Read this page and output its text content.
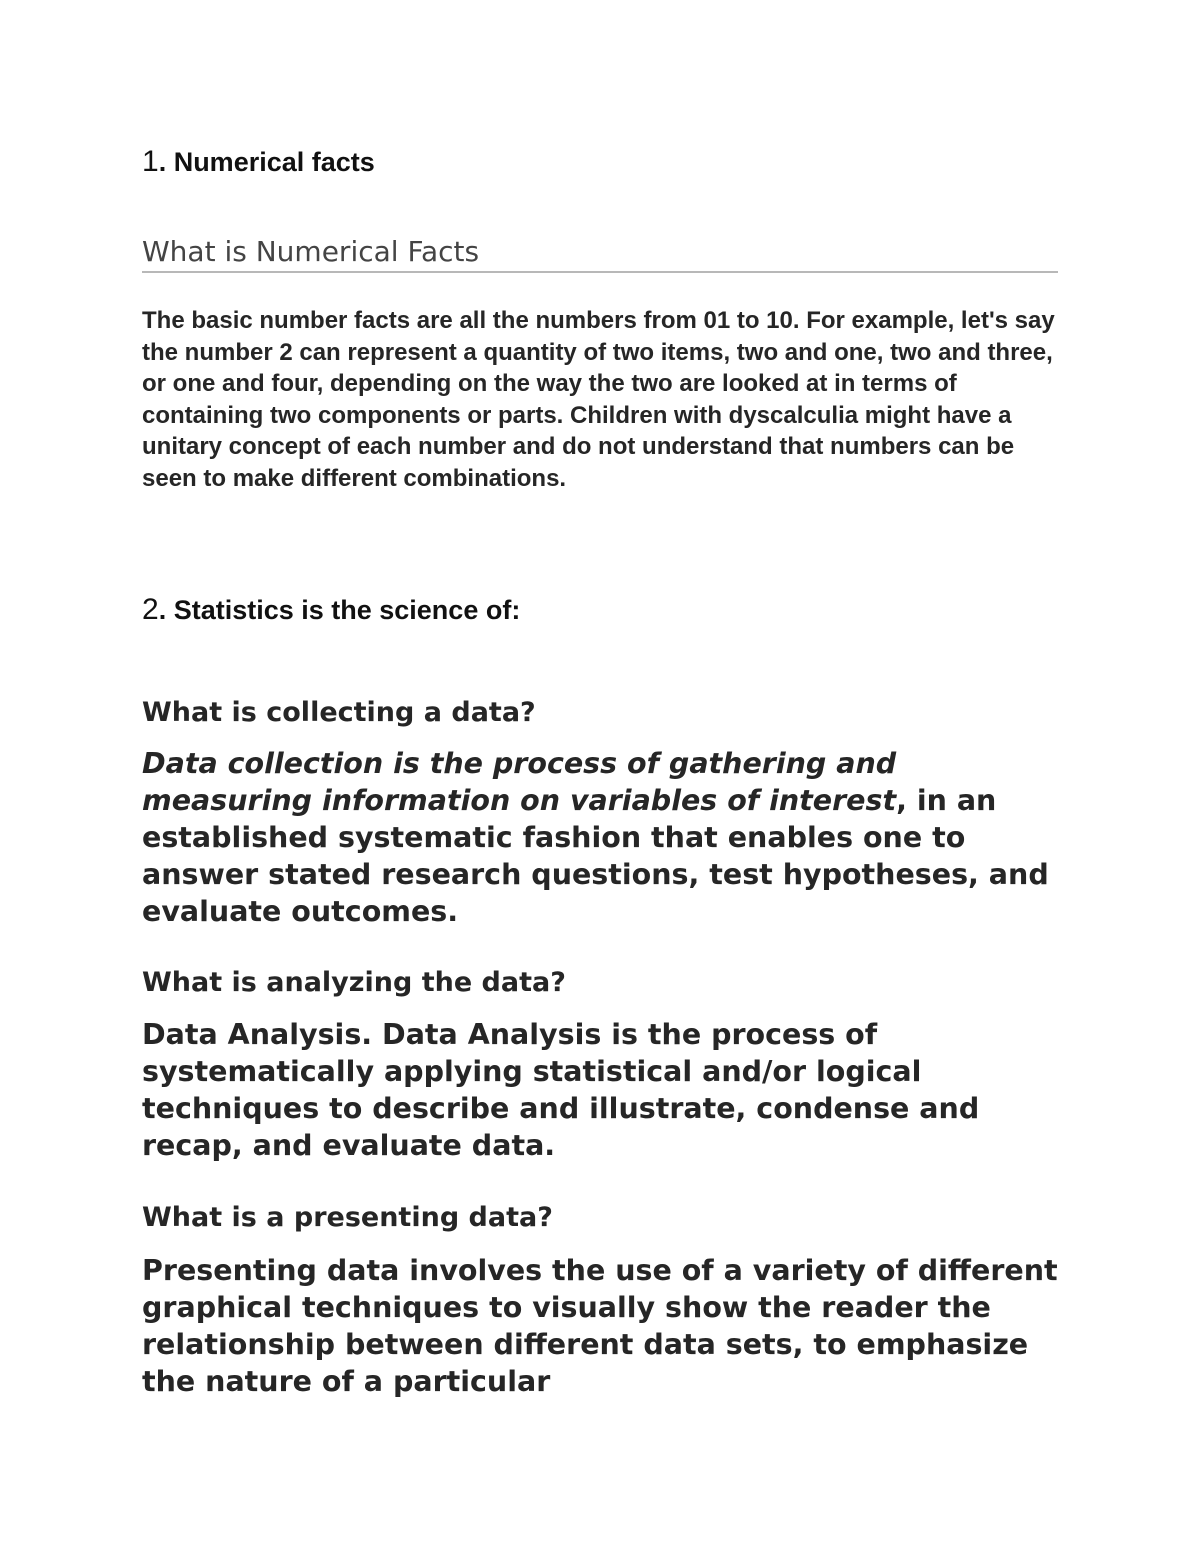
1. Numerical facts
What is Numerical Facts

The basic number facts are all the numbers from 01 to 10. For example, let's say the number 2 can represent a quantity of two items, two and one, two and three, or one and four, depending on the way the two are looked at in terms of containing two components or parts. Children with dyscalculia might have a unitary concept of each number and do not understand that numbers can be seen to make different combinations.

2. Statistics is the science of:
What is collecting a data?

Data collection is the process of gathering and measuring information on variables of interest, in an established systematic fashion that enables one to answer stated research questions, test hypotheses, and evaluate outcomes.

What is analyzing the data?

Data Analysis. Data Analysis is the process of systematically applying statistical and/or logical techniques to describe and illustrate, condense and recap, and evaluate data.

What is a presenting data?

Presenting data involves the use of a variety of different graphical techniques to visually show the reader the relationship between different data sets, to emphasize the nature of a particular
